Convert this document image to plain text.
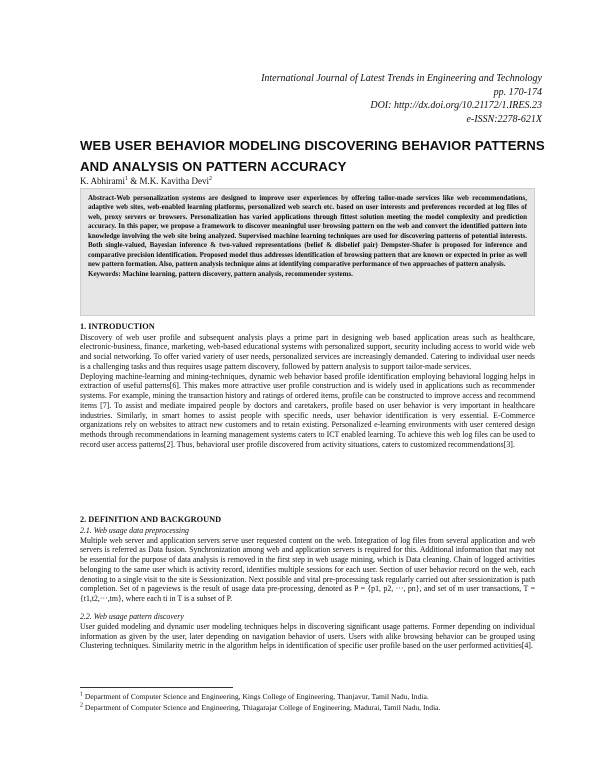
International Journal of Latest Trends in Engineering and Technology
pp. 170-174
DOI: http://dx.doi.org/10.21172/1.IRES.23
e-ISSN:2278-621X
WEB USER BEHAVIOR MODELING DISCOVERING BEHAVIOR PATTERNS AND ANALYSIS ON PATTERN ACCURACY
K. Abhirami$^1$ & M.K. Kavitha Devi$^2$

Abstract-Web personalization systems are designed to improve user experiences by offering tailor-made services like web recommendations, adaptive web sites, web-enabled learning platforms, personalized web search etc. based on user interests and preferences recorded at log files of web, proxy servers or browsers. Personalization has varied applications through fittest solution meeting the model complexity and prediction accuracy. In this paper, we propose a framework to discover meaningful user browsing pattern on the web and convert the identified pattern into knowledge involving the web site being analyzed. Supervised machine learning techniques are used for discovering patterns of potential interests. Both single-valued, Bayesian inference & two-valued representations (belief & disbelief pair) Dempster-Shafer is proposed for inference and comparative precision identification. Proposed model thus addresses identification of browsing pattern that are known or expected in prior as well new pattern formation. Also, pattern analysis technique aims at identifying comparative performance of two approaches of pattern analysis.

Keywords: Machine learning, pattern discovery, pattern analysis, recommender systems.

1. INTRODUCTION

Discovery of web user profile and subsequent analysis plays a prime part in designing web based application areas such as healthcare, electronic-business, finance, marketing, web-based educational systems with personalized support, security including access to world wide web and social networking. To offer varied variety of user needs, personalized services are increasingly demanded. Catering to individual user needs is a challenging tasks and thus requires usage pattern discovery, followed by pattern analysis to support tailor-made services.

Deploying machine-learning and mining-techniques, dynamic web behavior based profile identification employing behavioral logging helps in extraction of useful patterns[6]. This makes more attractive user profile construction and is widely used in applications such as recommender systems. For example, mining the transaction history and ratings of ordered items, profile can be constructed to improve access and recommend items [7]. To assist and mediate impaired people by doctors and caretakers, profile based on user behavior is very important in healthcare industries. Similarly, in smart homes to assist people with specific needs, user behavior identification is very essential. E-Commerce organizations rely on websites to attract new customers and to retain existing. Personalized e-learning environments with user centered design methods through recommendations in learning management systems caters to ICT enabled learning. To achieve this web log files can be used to record user access patterns[2]. Thus, behavioral user profile discovered from activity situations, caters to customized recommendations[3].

2. DEFINITION AND BACKGROUND
2.1. Web usage data preprocessing

Multiple web server and application servers serve user requested content on the web. Integration of log files from several application and web servers is referred as Data fusion. Synchronization among web and application servers is required for this. Additional information that may not be essential for the purpose of data analysis is removed in the first step in web usage mining, which is Data cleaning. Chain of logged activities belonging to the same user which is activity record, identifies multiple sessions for each user. Section of user behavior record on the web, each denoting to a single visit to the site is Sessionization. Next possible and vital pre-processing task regularly carried out after sessionization is path completion. Set of n pageviews is the result of usage data pre-processing, denoted as P = {p1, p2, ···, pn}, and set of m user transactions, T = {t1,t2,···,tm}, where each ti in T is a subset of P.

2.2. Web usage pattern discovery

User guided modeling and dynamic user modeling techniques helps in discovering significant usage patterns. Former depending on individual information as given by the user, later depending on navigation behavior of users. Users with alike browsing behavior can be grouped using Clustering techniques. Similarity metric in the algorithm helps in identification of specific user profile based on the user performed activities[4].

$^1$ Department of Computer Science and Engineering, Kings College of Engineering, Thanjavur, Tamil Nadu, India.
$^2$ Department of Computer Science and Engineering, Thiagarajar College of Engineering, Madurai, Tamil Nadu, India.
